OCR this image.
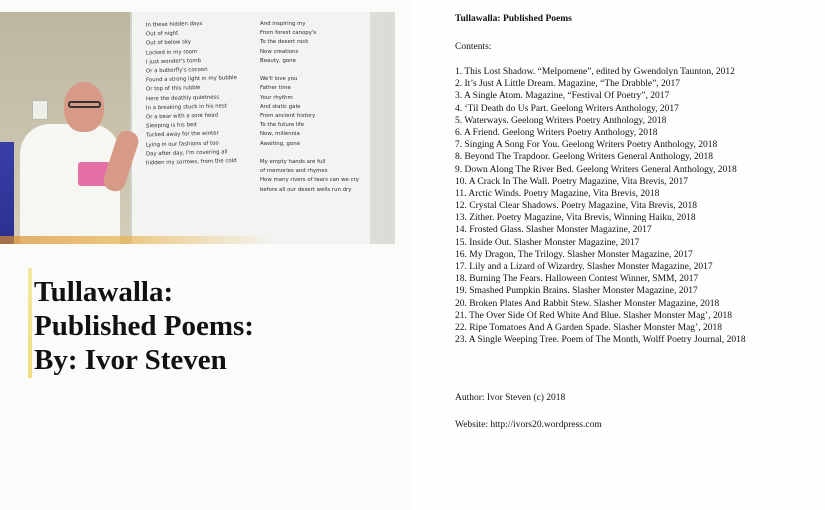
In these hidden days
Out of night
Out of below sky
Locked in my room
I just wonder's tomb
Or a butterfly's cocoon
Found a strong light in my bubble
Or top of this rubble
Here the deathly quietness
In a breaking stuck in his nest
Or a bear with a sore head
Sleeping is his bed
Tucked away for the winter
Lying in our fashions of too
Day after day, I'm covering all
hidden my sorrows, from the cold
And inspiring my
From forest canopy's
To the desert rock
Now creations
Beauty, gone

We'll love you
Father time
Your rhythm
And static gale
From ancient history
To the future life
Now, millennia
Awaiting, gone

My empty hands are full
of memories and rhymes
How many rivers of tears can we cry
before all our desert wells run dry
Tullawalla:
Published Poems:
By: Ivor Steven
Tullawalla: Published Poems
Contents:
1. This Lost Shadow. “Melpomene”, edited by Gwendolyn Taunton, 2012
2. It’s Just A Little Dream. Magazine, “The Drabble”, 2017
3. A Single Atom. Magazine, “Festival Of Poetry”, 2017
4. ‘Til Death do Us Part. Geelong Writers Anthology, 2017
5. Waterways. Geelong Writers Poetry Anthology, 2018
6. A Friend. Geelong Writers Poetry Anthology, 2018
7. Singing A Song For You. Geelong Writers Poetry Anthology, 2018
8. Beyond The Trapdoor. Geelong Writers General Anthology, 2018
9. Down Along The River Bed. Geelong Writers General Anthology, 2018
10. A Crack In The Wall. Poetry Magazine, Vita Brevis, 2017
11. Arctic Winds. Poetry Magazine, Vita Brevis, 2018
12. Crystal Clear Shadows. Poetry Magazine, Vita Brevis, 2018
13. Zither. Poetry Magazine, Vita Brevis, Winning Haiku, 2018
14. Frosted Glass. Slasher Monster Magazine, 2017
15. Inside Out. Slasher Monster Magazine, 2017
16. My Dragon, The Trilogy. Slasher Monster Magazine, 2017
17. Lily and a Lizard of Wizardry. Slasher Monster Magazine, 2017
18. Burning The Fears. Halloween Contest Winner, SMM, 2017
19. Smashed Pumpkin Brains. Slasher Monster Magazine, 2017
20. Broken Plates And Rabbit Stew. Slasher Monster Magazine, 2018
21. The Over Side Of Red White And Blue. Slasher Monster Mag’, 2018
22. Ripe Tomatoes And A Garden Spade. Slasher Monster Mag’, 2018
23. A Single Weeping Tree. Poem of The Month, Wolff Poetry Journal, 2018
Author: Ivor Steven (c) 2018
Website: http://ivors20.wordpress.com
